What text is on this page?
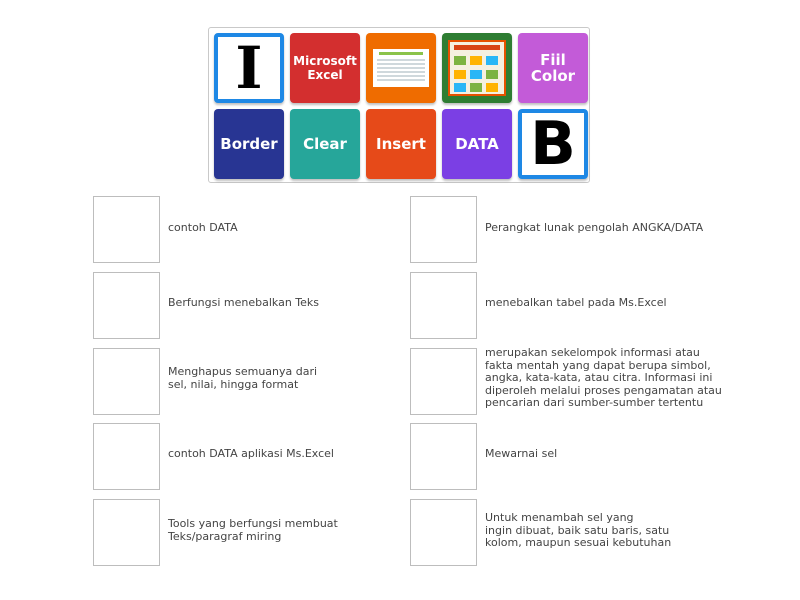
I	Microsoft
Excel
Fiil
Color
Border	Clear	Insert	DATA B
contoh DATA
Berfungsi menebalkan Teks
Menghapus semuanya dari
sel, nilai, hingga format
contoh DATA aplikasi Ms.Excel
Tools yang berfungsi membuat
Teks/paragraf miring
Perangkat lunak pengolah ANGKA/DATA
menebalkan tabel pada Ms.Excel
merupakan sekelompok informasi atau
fakta mentah yang dapat berupa simbol,
angka, kata-kata, atau citra. Informasi ini
diperoleh melalui proses pengamatan atau
pencarian dari sumber-sumber tertentu
Mewarnai sel
Untuk menambah sel yang
ingin dibuat, baik satu baris, satu
kolom, maupun sesuai kebutuhan
